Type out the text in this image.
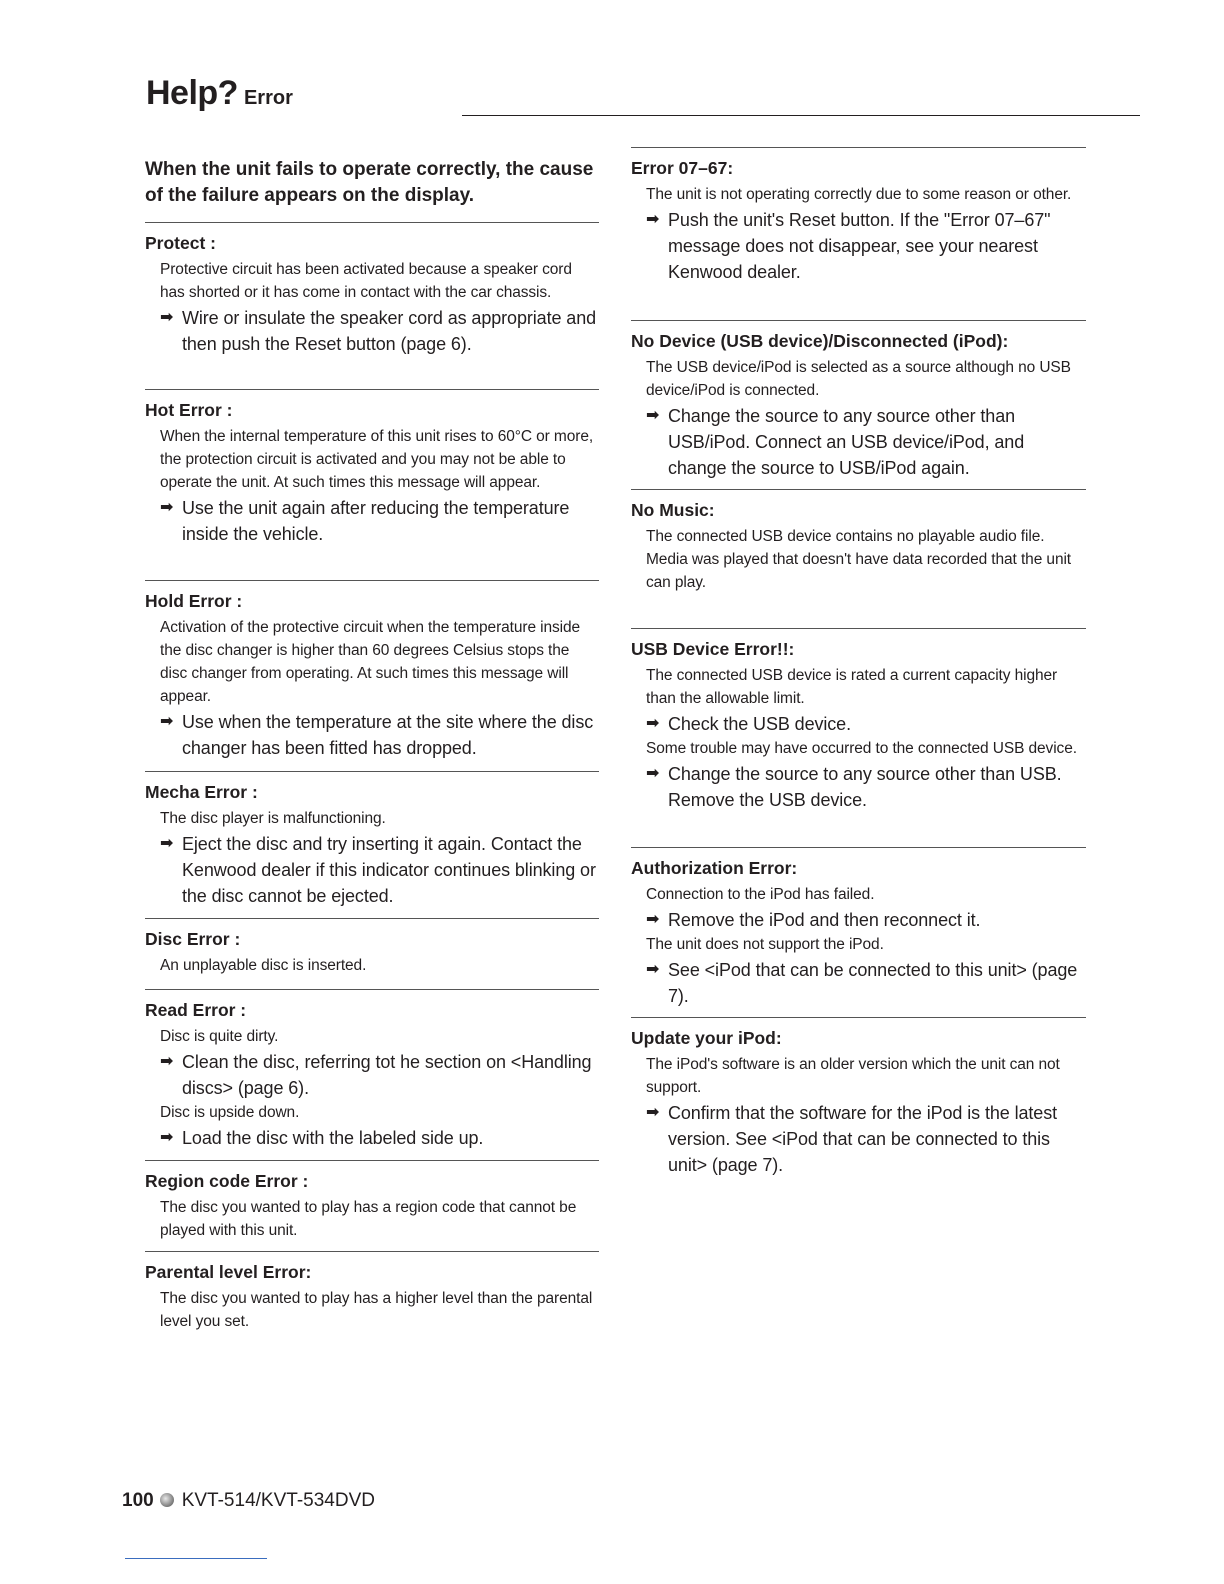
Help? Error

When the unit fails to operate correctly, the cause of the failure appears on the display.

Protect :

Protective circuit has been activated because a speaker cord has shorted or it has come in contact with the car chassis.

➡ Wire or insulate the speaker cord as appropriate and then push the Reset button (page 6).

Hot Error :

When the internal temperature of this unit rises to 60°C or more, the protection circuit is activated and you may not be able to operate the unit. At such times this message will appear.

➡ Use the unit again after reducing the temperature inside the vehicle.

Hold Error :

Activation of the protective circuit when the temperature inside the disc changer is higher than 60 degrees Celsius stops the disc changer from operating. At such times this message will appear.

➡ Use when the temperature at the site where the disc changer has been fitted has dropped.

Mecha Error :

The disc player is malfunctioning.

➡ Eject the disc and try inserting it again. Contact the Kenwood dealer if this indicator continues blinking or the disc cannot be ejected.

Disc Error :

An unplayable disc is inserted.

Read Error :

Disc is quite dirty.

➡ Clean the disc, referring tot he section on <Handling discs> (page 6).

Disc is upside down.

➡ Load the disc with the labeled side up.

Region code Error :

The disc you wanted to play has a region code that cannot be played with this unit.

Parental level Error:

The disc you wanted to play has a higher level than the parental level you set.

Error 07–67:

The unit is not operating correctly due to some reason or other.

➡ Push the unit's Reset button. If the "Error 07–67" message does not disappear, see your nearest Kenwood dealer.

No Device (USB device)/Disconnected (iPod):

The USB device/iPod is selected as a source although no USB device/iPod is connected.

➡ Change the source to any source other than USB/iPod. Connect an USB device/iPod, and change the source to USB/iPod again.

No Music:

The connected USB device contains no playable audio file.

Media was played that doesn't have data recorded that the unit can play.

USB Device Error!!:

The connected USB device is rated a current capacity higher than the allowable limit.

➡ Check the USB device.

Some trouble may have occurred to the connected USB device.

➡ Change the source to any source other than USB. Remove the USB device.

Authorization Error:

Connection to the iPod has failed.

➡ Remove the iPod and then reconnect it.

The unit does not support the iPod.

➡ See <iPod that can be connected to this unit> (page 7).

Update your iPod:

The iPod's software is an older version which the unit can not support.

➡ Confirm that the software for the iPod is the latest version. See <iPod that can be connected to this unit> (page 7).

100 KVT-514/KVT-534DVD
